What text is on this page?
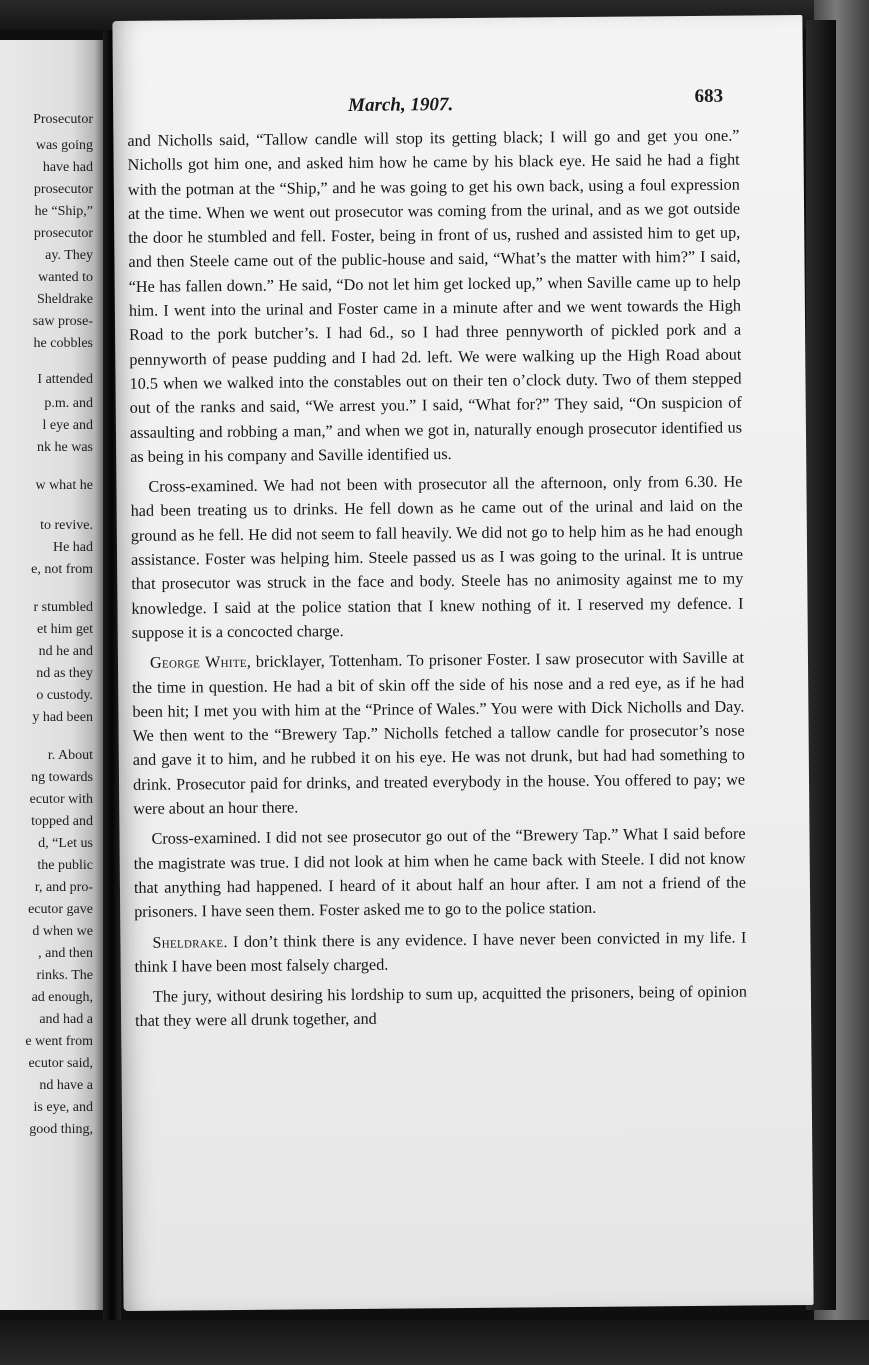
Prosecutor
was going
have had
prosecutor
he “Ship,”
prosecutor
ay. They
wanted to
Sheldrake
saw prose-
he cobbles
I attended
p.m. and
l eye and
nk he was
w what he
to revive.
He had
e, not from
r stumbled
et him get
nd he and
nd as they
o custody.
y had been
r. About
ng towards
ecutor with
topped and
d, “Let us
the public
r, and pro-
ecutor gave
d when we
, and then
rinks. The
ad enough,
and had a
e went from
ecutor said,
nd have a
is eye, and
good thing,
March, 1907.	683

and Nicholls said, “Tallow candle will stop its getting black; I will go and get you one.” Nicholls got him one, and asked him how he came by his black eye. He said he had a fight with the potman at the “Ship,” and he was going to get his own back, using a foul expression at the time. When we went out prosecutor was coming from the urinal, and as we got outside the door he stumbled and fell. Foster, being in front of us, rushed and assisted him to get up, and then Steele came out of the public-house and said, “What’s the matter with him?” I said, “He has fallen down.” He said, “Do not let him get locked up,” when Saville came up to help him. I went into the urinal and Foster came in a minute after and we went towards the High Road to the pork butcher’s. I had 6d., so I had three pennyworth of pickled pork and a pennyworth of pease pudding and I had 2d. left. We were walking up the High Road about 10.5 when we walked into the constables out on their ten o’clock duty. Two of them stepped out of the ranks and said, “We arrest you.” I said, “What for?” They said, “On suspicion of assaulting and robbing a man,” and when we got in, naturally enough prosecutor identified us as being in his company and Saville identified us.

Cross-examined. We had not been with prosecutor all the afternoon, only from 6.30. He had been treating us to drinks. He fell down as he came out of the urinal and laid on the ground as he fell. He did not seem to fall heavily. We did not go to help him as he had enough assistance. Foster was helping him. Steele passed us as I was going to the urinal. It is untrue that prosecutor was struck in the face and body. Steele has no animosity against me to my knowledge. I said at the police station that I knew nothing of it. I reserved my defence. I suppose it is a concocted charge.

George White, bricklayer, Tottenham. To prisoner Foster. I saw prosecutor with Saville at the time in question. He had a bit of skin off the side of his nose and a red eye, as if he had been hit; I met you with him at the “Prince of Wales.” You were with Dick Nicholls and Day. We then went to the “Brewery Tap.” Nicholls fetched a tallow candle for prosecutor’s nose and gave it to him, and he rubbed it on his eye. He was not drunk, but had had something to drink. Prosecutor paid for drinks, and treated everybody in the house. You offered to pay; we were about an hour there.

Cross-examined. I did not see prosecutor go out of the “Brewery Tap.” What I said before the magistrate was true. I did not look at him when he came back with Steele. I did not know that anything had happened. I heard of it about half an hour after. I am not a friend of the prisoners. I have seen them. Foster asked me to go to the police station.

Sheldrake. I don’t think there is any evidence. I have never been convicted in my life. I think I have been most falsely charged.

The jury, without desiring his lordship to sum up, acquitted the prisoners, being of opinion that they were all drunk together, and
